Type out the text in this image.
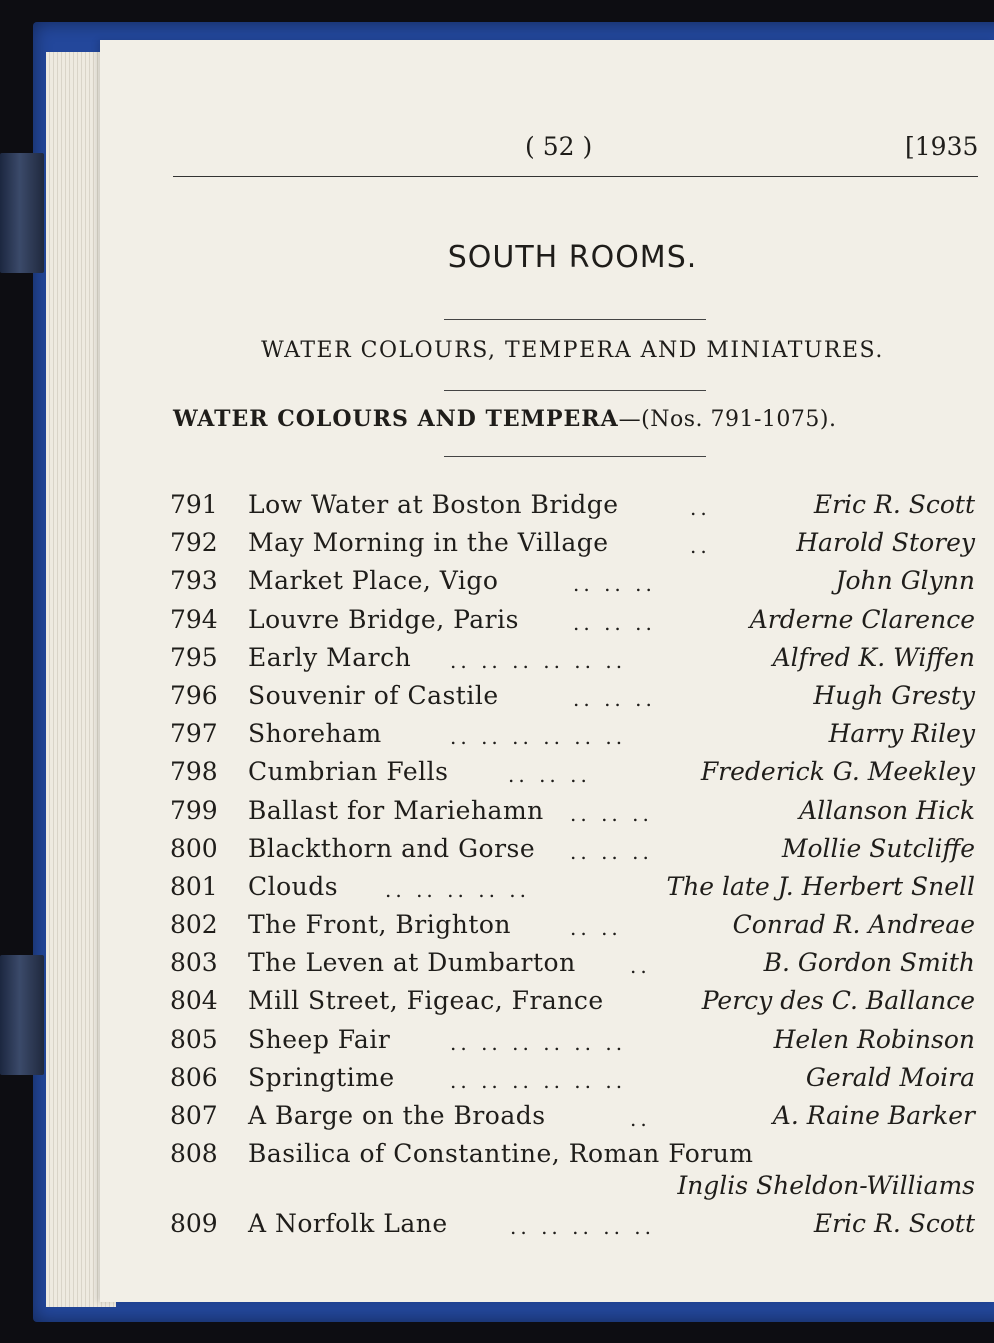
( 52 )	[1935
SOUTH ROOMS.
WATER COLOURS, TEMPERA AND MINIATURES.
WATER COLOURS AND TEMPERA—(Nos. 791-1075).
791 Low Water at Boston Bridge	..	Eric R. Scott
792 May Morning in the Village	..	Harold Storey
793 Market Place, Vigo	.. .. ..	John Glynn
794 Louvre Bridge, Paris	.. .. ..	Arderne Clarence
795 Early March .. .. .. .. .. ..	Alfred K. Wiffen
796 Souvenir of Castile	.. .. ..	Hugh Gresty
797 Shoreham	.. .. .. .. .. ..	Harry Riley
798 Cumbrian Fells	.. .. ..	Frederick G. Meekley
799 Ballast for Mariehamn .. .. ..	Allanson Hick
800 Blackthorn and Gorse .. .. ..	Mollie Sutcliffe
801 Clouds .. .. .. .. ..	The late J. Herbert Snell
802 The Front, Brighton	.. ..	Conrad R. Andreae
803 The Leven at Dumbarton	..	B. Gordon Smith
804 Mill Street, Figeac, France	Percy des C. Ballance
805 Sheep Fair	.. .. .. .. .. ..	Helen Robinson
806 Springtime	.. .. .. .. .. ..	Gerald Moira
807 A Barge on the Broads	..	A. Raine Barker
808 Basilica of Constantine, Roman Forum
Inglis Sheldon-Williams
809 A Norfolk Lane	.. .. .. .. ..	Eric R. Scott
